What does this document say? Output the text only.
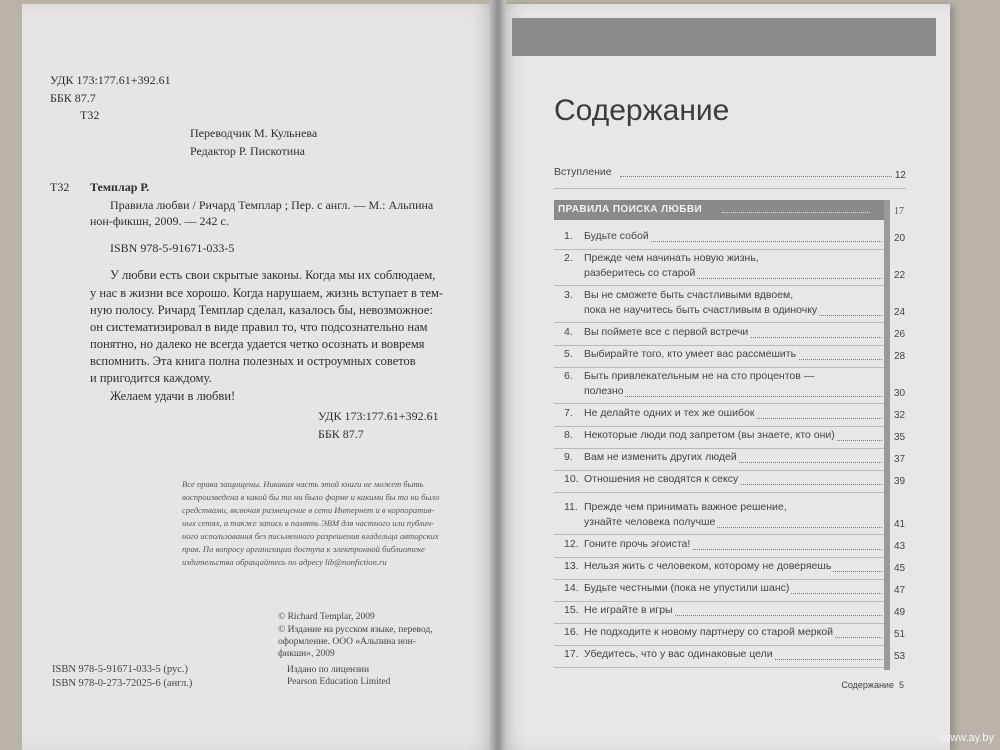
УДК 173:177.61+392.61
ББК 87.7
Т32
Переводчик М. Кульнева
Редактор Р. Пискотина
Т32 Темплар Р.
Правила любви / Ричард Темплар ; Пер. с англ. — М.: Альпина
нон-фикшн, 2009. — 242 с.
ISBN 978-5-91671-033-5
У любви есть свои скрытые законы. Когда мы их соблюдаем,
у нас в жизни все хорошо. Когда нарушаем, жизнь вступает в тем-
ную полосу. Ричард Темплар сделал, казалось бы, невозможное:
он систематизировал в виде правил то, что подсознательно нам
понятно, но далеко не всегда удается четко осознать и вовремя
вспомнить. Эта книга полна полезных и остроумных советов
и пригодится каждому.
Желаем удачи в любви!
УДК 173:177.61+392.61
ББК 87.7
Все права защищены. Никакая часть этой книги не может быть
воспроизведена в какой бы то ни было форме и какими бы то ни было
средствами, включая размещение в сети Интернет и в корпоратив-
ных сетях, а также запись в память ЭВМ для частного или публич-
ного использования без письменного разрешения владельца авторских
прав. По вопросу организации доступа к электронной библиотеке
издательства обращайтесь по адресу lib@nonfiction.ru
© Richard Templar, 2009
© Издание на русском языке, перевод,
оформление. ООО «Альпина нон-
фикшн», 2009
Издано по лицензии
Pearson Education Limited
ISBN 978-5-91671-033-5 (рус.)
ISBN 978-0-273-72025-6 (англ.)
Содержание
Вступление	12
ПРАВИЛА ПОИСКА ЛЮБВИ	17
1. Будьте собой	20
2. Прежде чем начинать новую жизнь,
разберитесь со старой	22
3. Вы не сможете быть счастливыми вдвоем,
пока не научитесь быть счастливым в одиночку	24
4. Вы поймете все с первой встречи	26
5. Выбирайте того, кто умеет вас рассмешить	28
6. Быть привлекательным не на сто процентов —
полезно	30
7. Не делайте одних и тех же ошибок	32
8. Некоторые люди под запретом (вы знаете, кто они)	35
9. Вам не изменить других людей	37
10. Отношения не сводятся к сексу	39
11. Прежде чем принимать важное решение,
узнайте человека получше	41
12. Гоните прочь эгоиста!	43
13. Нельзя жить с человеком, которому не доверяешь	45
14. Будьте честными (пока не упустили шанс)	47
15. Не играйте в игры	49
16. Не подходите к новому партнеру со старой меркой	51
17. Убедитесь, что у вас одинаковые цели	53
Содержание 5
www.ay.by
